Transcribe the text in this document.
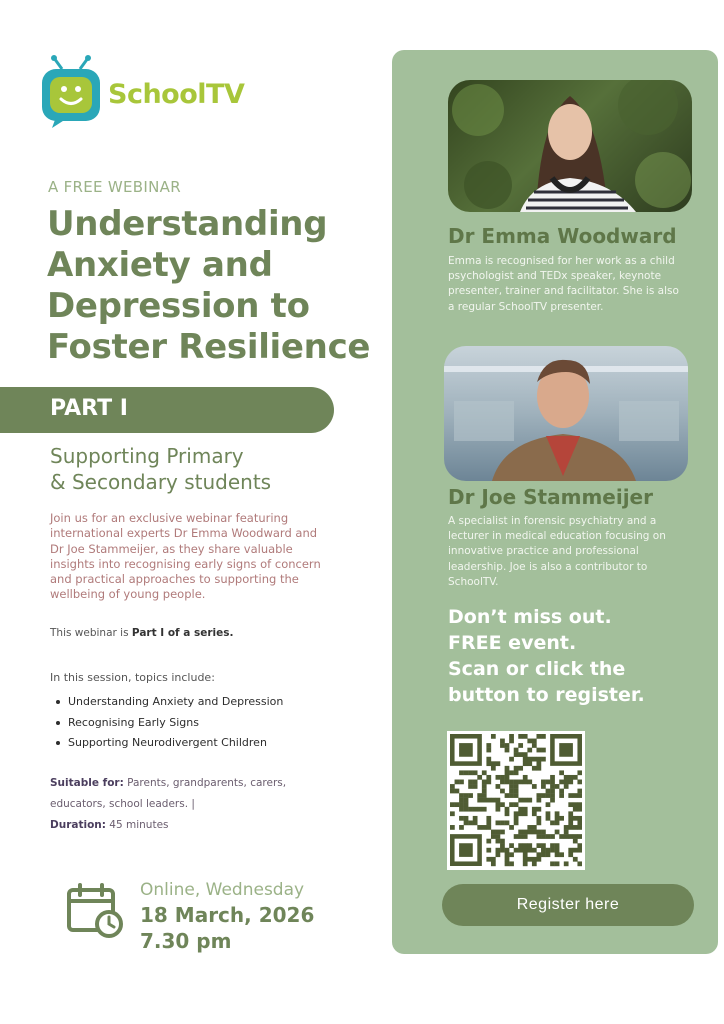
SchoolTV
A FREE WEBINAR
Understanding Anxiety and Depression to Foster Resilience
PART I
Supporting Primary
& Secondary students
Join us for an exclusive webinar featuring international experts Dr Emma Woodward and Dr Joe Stammeijer, as they share valuable insights into recognising early signs of concern and practical approaches to supporting the wellbeing of young people.
This webinar is Part I of a series.
In this session, topics include:
Understanding Anxiety and Depression
Recognising Early Signs
Supporting Neurodivergent Children
Suitable for: Parents, grandparents, carers, educators, school leaders. |
Duration: 45 minutes
Online, Wednesday
18 March, 2026
7.30 pm
Dr Emma Woodward
Emma is recognised for her work as a child psychologist and TEDx speaker, keynote presenter, trainer and facilitator. She is also a regular SchoolTV presenter.
Dr Joe Stammeijer
A specialist in forensic psychiatry and a lecturer in medical education focusing on innovative practice and professional leadership. Joe is also a contributor to SchoolTV.
Don’t miss out.
FREE event.
Scan or click the
button to register.
Register here
